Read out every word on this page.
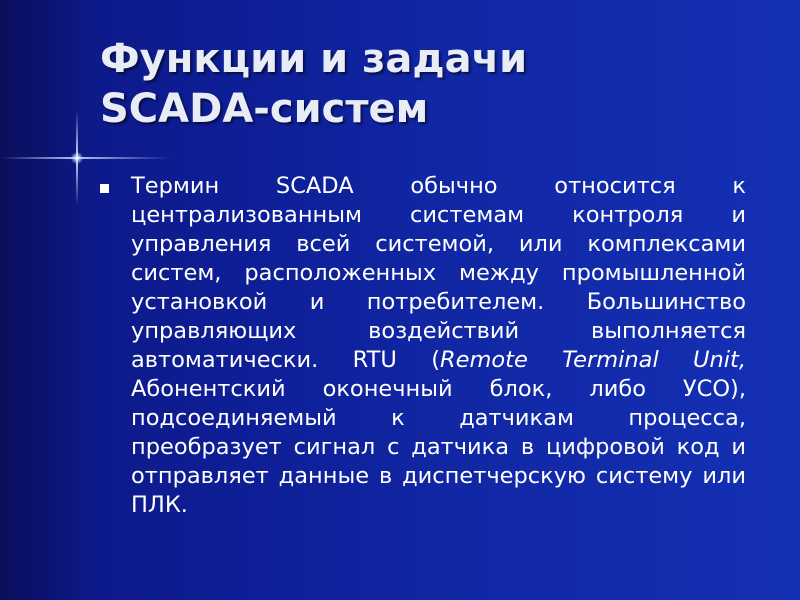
Функции и задачи
SCADA-систем

Термин SCADA обычно относится к централизованным системам контроля и управления всей системой, или комплексами систем, расположенных между промышленной установкой и потребителем. Большинство управляющих воздействий выполняется автоматически. RTU (Remote Terminal Unit, Абонентский оконечный блок, либо УСО), подсоединяемый к датчикам процесса, преобразует сигнал с датчика в цифровой код и отправляет данные в диспетчерскую систему или ПЛК.
